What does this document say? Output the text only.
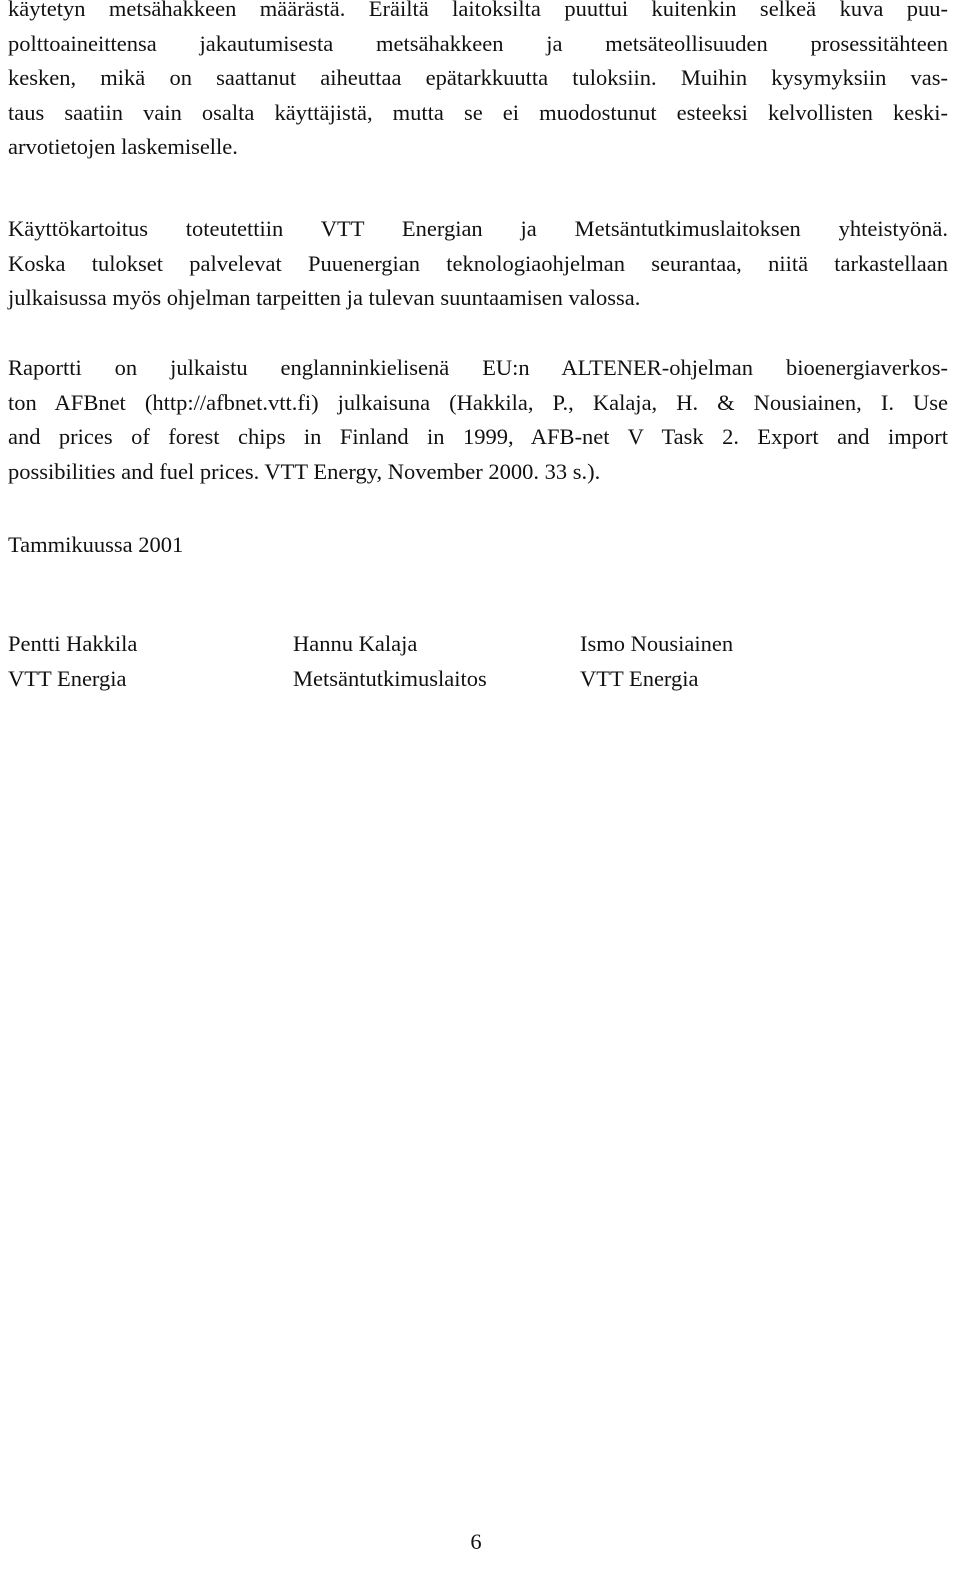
käytetyn metsähakkeen määrästä. Eräiltä laitoksilta puuttui kuitenkin selkeä kuva puu-
polttoaineittensa jakautumisesta metsähakkeen ja metsäteollisuuden prosessitähteen
kesken, mikä on saattanut aiheuttaa epätarkkuutta tuloksiin. Muihin kysymyksiin vas-
taus saatiin vain osalta käyttäjistä, mutta se ei muodostunut esteeksi kelvollisten keski-
arvotietojen laskemiselle.

Käyttökartoitus toteutettiin VTT Energian ja Metsäntutkimuslaitoksen yhteistyönä.
Koska tulokset palvelevat Puuenergian teknologiaohjelman seurantaa, niitä tarkastellaan
julkaisussa myös ohjelman tarpeitten ja tulevan suuntaamisen valossa.

Raportti on julkaistu englanninkielisenä EU:n ALTENER-ohjelman bioenergiaverkos-
ton AFBnet (http://afbnet.vtt.fi) julkaisuna (Hakkila, P., Kalaja, H. & Nousiainen, I. Use
and prices of forest chips in Finland in 1999, AFB-net V Task 2. Export and import
possibilities and fuel prices. VTT Energy, November 2000. 33 s.).

Tammikuussa 2001
Pentti Hakkila
VTT Energia
Hannu Kalaja
Metsäntutkimuslaitos
Ismo Nousiainen
VTT Energia
6
